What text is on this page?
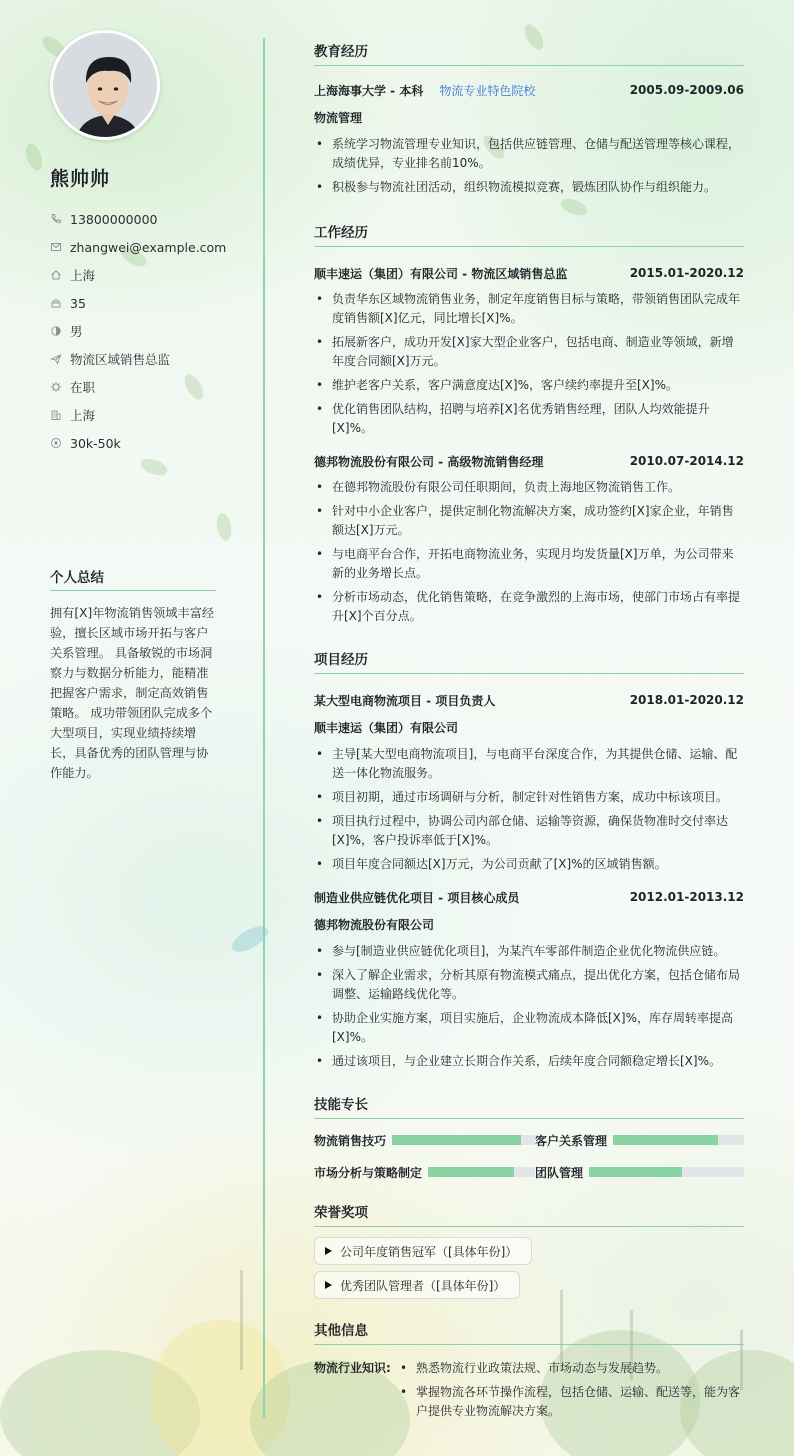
熊帅帅
13800000000
zhangwei@example.com
上海
35
男
物流区域销售总监
在职
上海
30k-50k
个人总结

拥有[X]年物流销售领域丰富经验，擅长区域市场开拓与客户关系管理。 具备敏锐的市场洞察力与数据分析能力，能精准把握客户需求，制定高效销售策略。 成功带领团队完成多个大型项目，实现业绩持续增长，具备优秀的团队管理与协作能力。

教育经历
上海海事大学 - 本科 物流专业特色院校	2005.09-2009.06
物流管理
• 系统学习物流管理专业知识，包括供应链管理、仓储与配送管理等核心课程，成绩优异，专业排名前10%。
• 积极参与物流社团活动，组织物流模拟竞赛，锻炼团队协作与组织能力。
工作经历
顺丰速运（集团）有限公司 - 物流区域销售总监	2015.01-2020.12
• 负责华东区域物流销售业务，制定年度销售目标与策略，带领销售团队完成年度销售额[X]亿元，同比增长[X]%。
• 拓展新客户，成功开发[X]家大型企业客户，包括电商、制造业等领域，新增年度合同额[X]万元。
• 维护老客户关系，客户满意度达[X]%，客户续约率提升至[X]%。
• 优化销售团队结构，招聘与培养[X]名优秀销售经理，团队人均效能提升[X]%。
德邦物流股份有限公司 - 高级物流销售经理	2010.07-2014.12
• 在德邦物流股份有限公司任职期间，负责上海地区物流销售工作。
• 针对中小企业客户，提供定制化物流解决方案，成功签约[X]家企业，年销售额达[X]万元。
• 与电商平台合作，开拓电商物流业务，实现月均发货量[X]万单，为公司带来新的业务增长点。
• 分析市场动态，优化销售策略，在竞争激烈的上海市场，使部门市场占有率提升[X]个百分点。
项目经历
某大型电商物流项目 - 项目负责人	2018.01-2020.12
顺丰速运（集团）有限公司
• 主导[某大型电商物流项目]，与电商平台深度合作，为其提供仓储、运输、配送一体化物流服务。
• 项目初期，通过市场调研与分析，制定针对性销售方案，成功中标该项目。
• 项目执行过程中，协调公司内部仓储、运输等资源，确保货物准时交付率达[X]%，客户投诉率低于[X]%。
• 项目年度合同额达[X]万元，为公司贡献了[X]%的区域销售额。
制造业供应链优化项目 - 项目核心成员	2012.01-2013.12
德邦物流股份有限公司
• 参与[制造业供应链优化项目]，为某汽车零部件制造企业优化物流供应链。
• 深入了解企业需求，分析其原有物流模式痛点，提出优化方案，包括仓储布局调整、运输路线优化等。
• 协助企业实施方案，项目实施后，企业物流成本降低[X]%，库存周转率提高[X]%。
• 通过该项目，与企业建立长期合作关系，后续年度合同额稳定增长[X]%。
技能专长
物流销售技巧	客户关系管理
市场分析与策略制定	团队管理
荣誉奖项
公司年度销售冠军（[具体年份]）
优秀团队管理者（[具体年份]）
其他信息
物流行业知识:
•	熟悉物流行业政策法规、市场动态与发展趋势。
• 掌握物流各环节操作流程，包括仓储、运输、配送等，能为客户提供专业物流解决方案。
